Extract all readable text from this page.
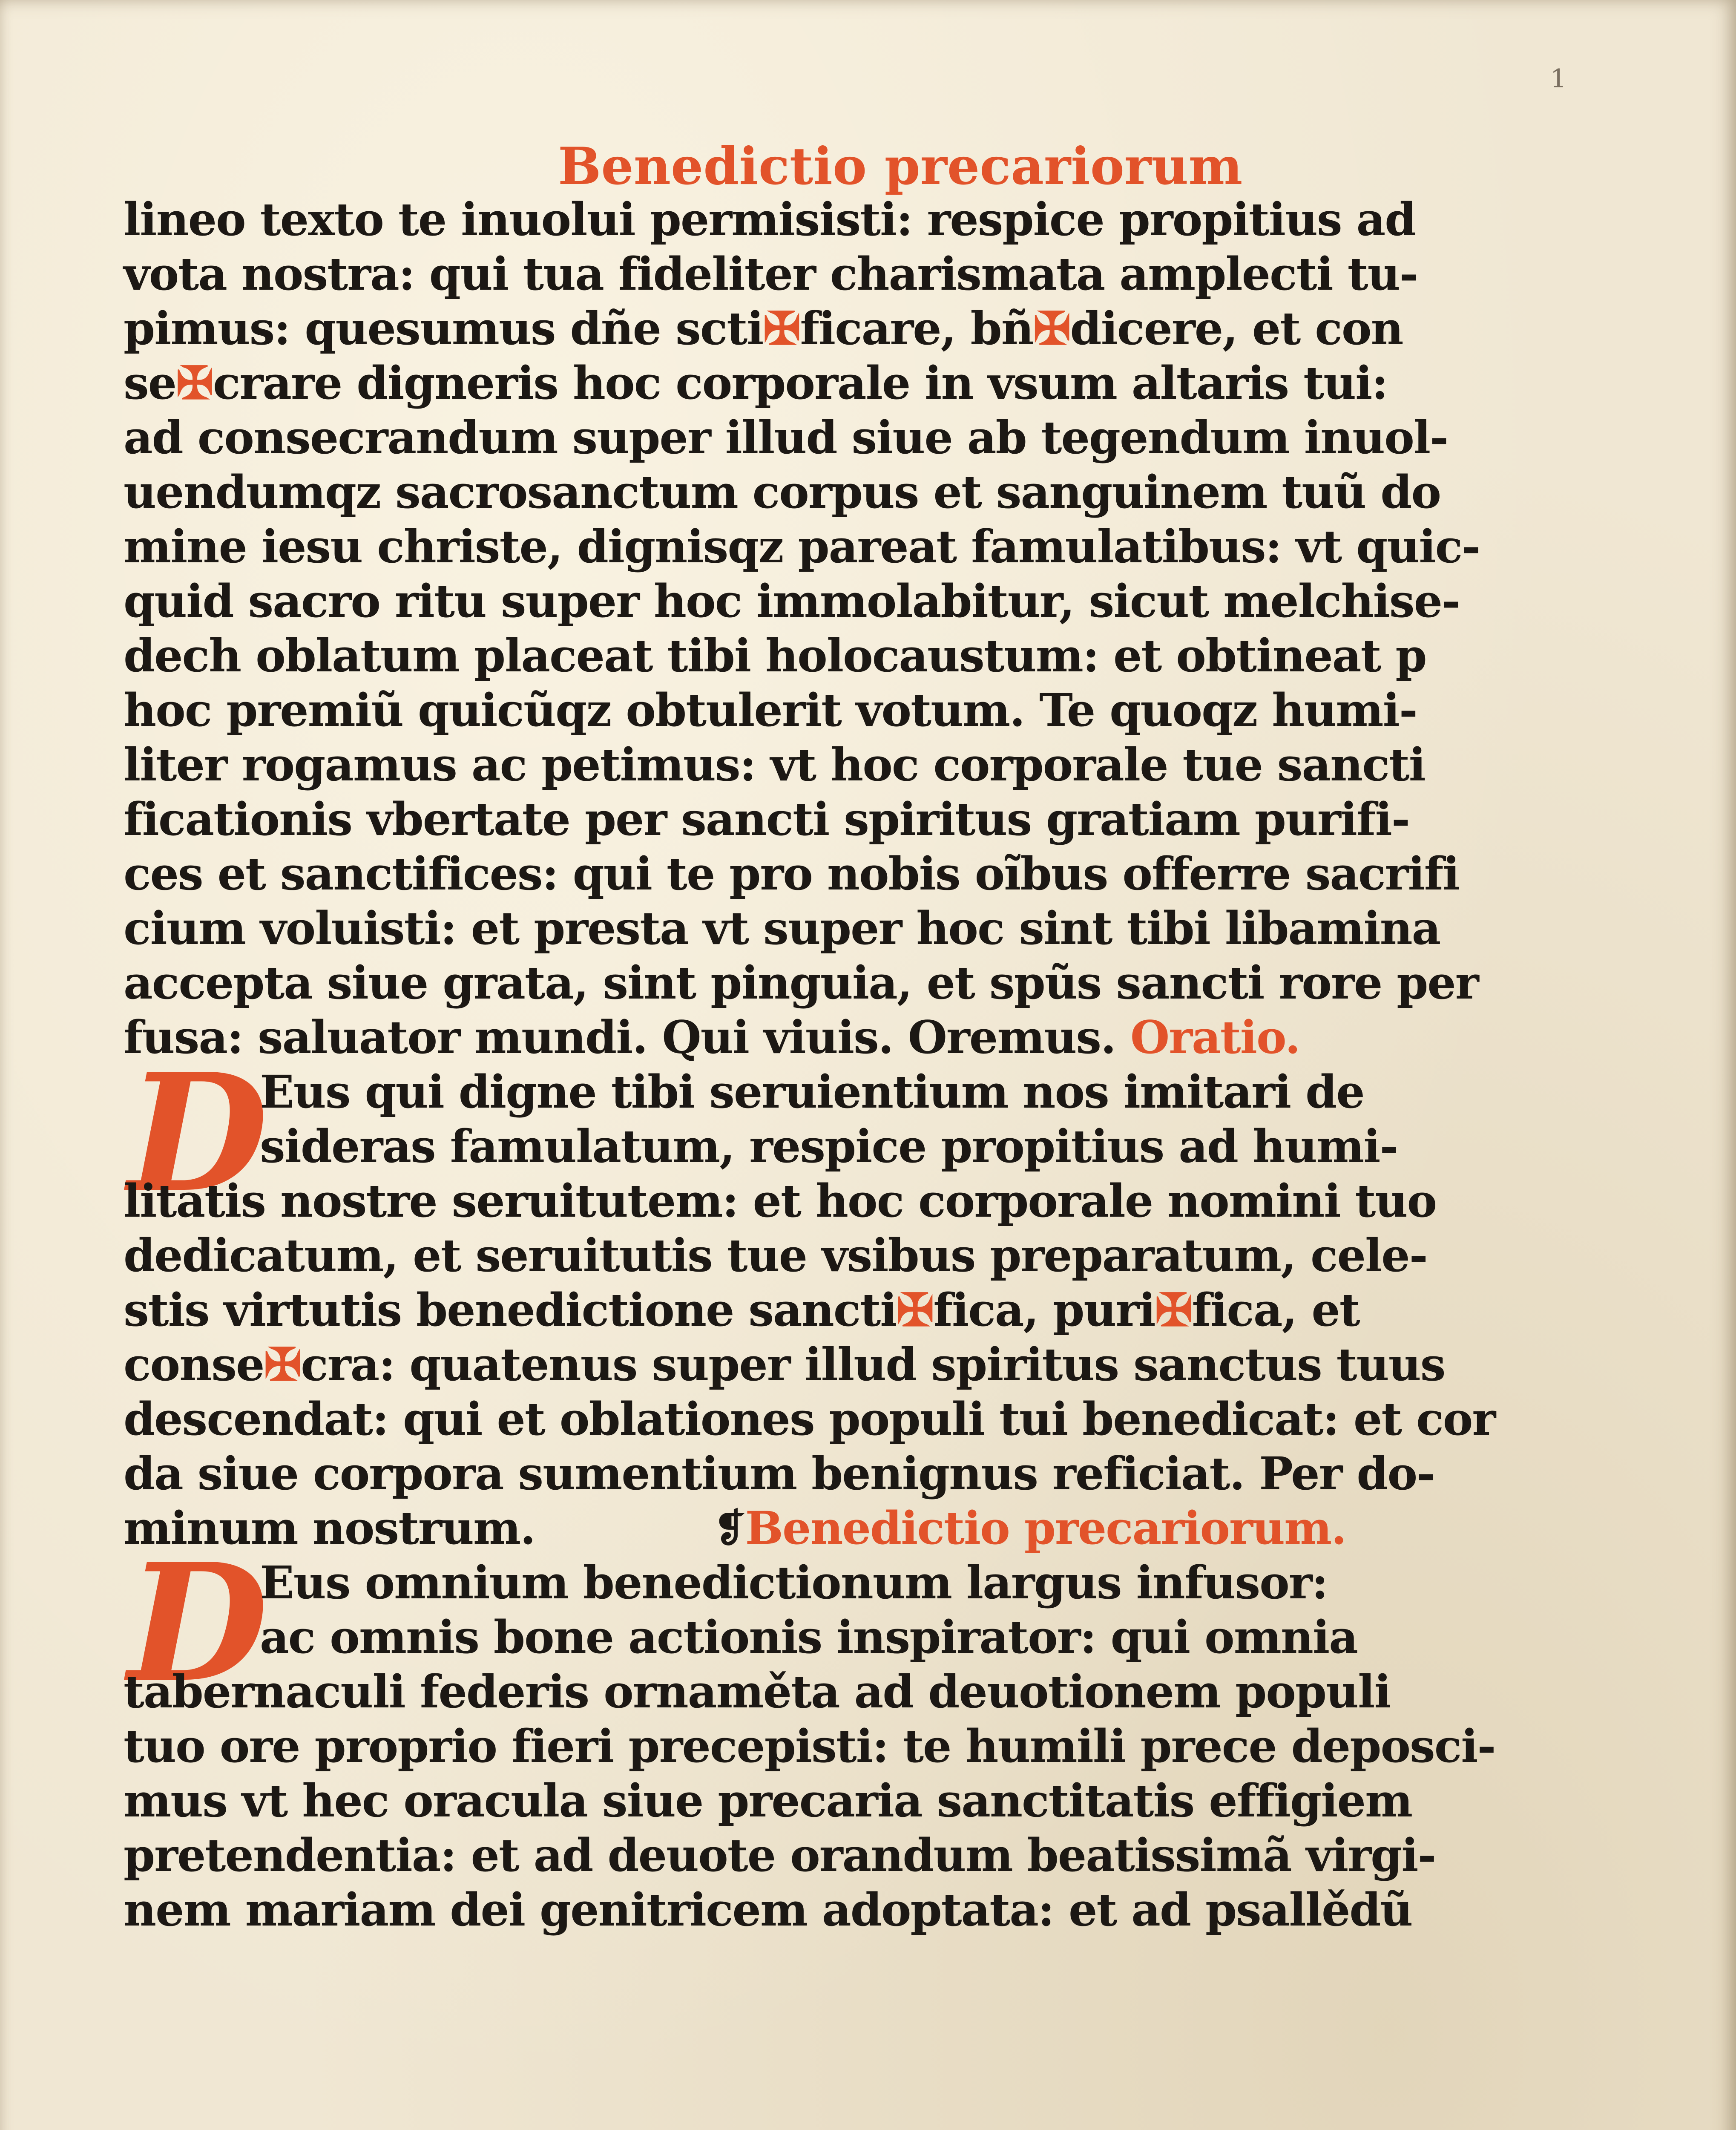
1
Benedictio precariorum
lineo texto te inuolui permisisti: respice propitius ad
vota nostra: qui tua fideliter charismata amplecti tu-
pimus: quesumus dñe scti✠ficare, bñ✠dicere, et con
se✠crare digneris hoc corporale in vsum altaris tui:
ad consecrandum super illud siue ab tegendum inuol-
uendumqz sacrosanctum corpus et sanguinem tuũ do
mine iesu christe, dignisqz pareat famulatibus: vt quic-
quid sacro ritu super hoc immolabitur, sicut melchise-
dech oblatum placeat tibi holocaustum: et obtineat p
hoc premiũ quicũqz obtulerit votum. Te quoqz humi-
liter rogamus ac petimus: vt hoc corporale tue sancti
ficationis vbertate per sancti spiritus gratiam purifi-
ces et sanctifices: qui te pro nobis oĩbus offerre sacrifi
cium voluisti: et presta vt super hoc sint tibi libamina
accepta siue grata, sint pinguia, et spũs sancti rore per
fusa: saluator mundi. Qui viuis. Oremus. Oratio.
D
Eus qui digne tibi seruientium nos imitari de
sideras famulatum, respice propitius ad humi-
litatis nostre seruitutem: et hoc corporale nomini tuo
dedicatum, et seruitutis tue vsibus preparatum, cele-
stis virtutis benedictione sancti✠fica, puri✠fica, et
conse✠cra: quatenus super illud spiritus sanctus tuus
descendat: qui et oblationes populi tui benedicat: et cor
da siue corpora sumentium benignus reficiat. Per do-
minum nostrum.	❡Benedictio precariorum.
D
Eus omnium benedictionum largus infusor:
ac omnis bone actionis inspirator: qui omnia
tabernaculi federis ornaměta ad deuotionem populi
tuo ore proprio fieri precepisti: te humili prece deposci-
mus vt hec oracula siue precaria sanctitatis effigiem
pretendentia: et ad deuote orandum beatissimã virgi-
nem mariam dei genitricem adoptata: et ad psallědũ
